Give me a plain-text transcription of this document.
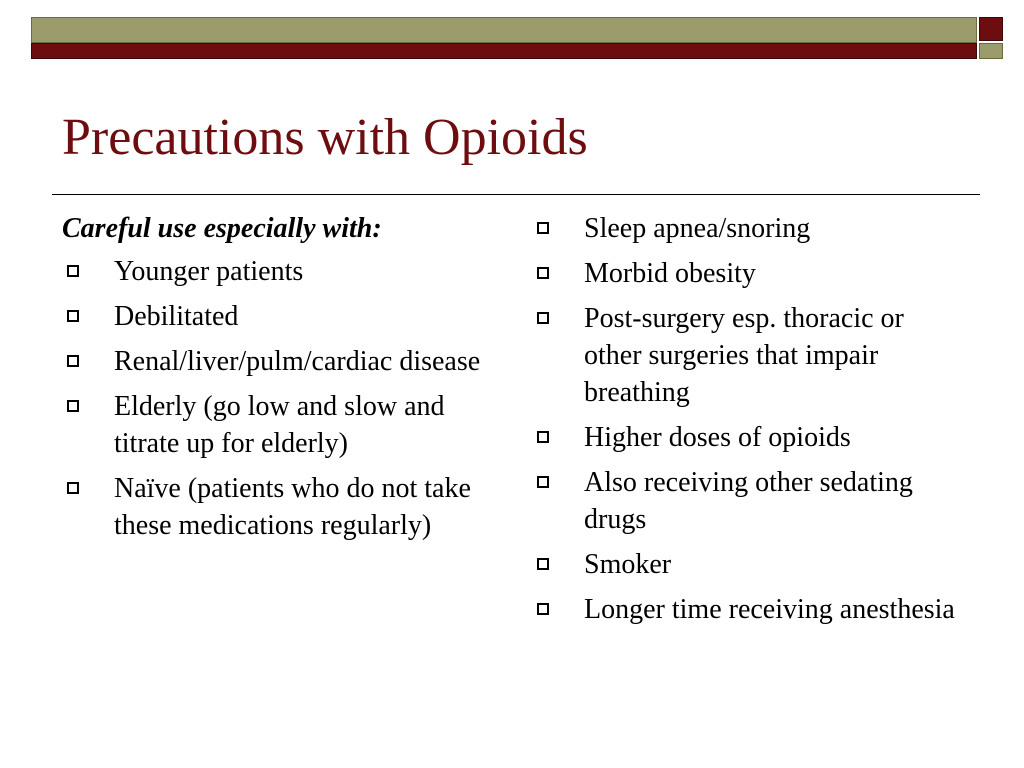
Precautions with Opioids

Careful use especially with:

Younger patients
Debilitated
Renal/liver/pulm/cardiac disease
Elderly (go low and slow and titrate up for elderly)
Naïve (patients who do not take these medications regularly)
Sleep apnea/snoring
Morbid obesity
Post-surgery esp. thoracic or other surgeries that impair breathing
Higher doses of opioids
Also receiving other sedating drugs
Smoker
Longer time receiving anesthesia
